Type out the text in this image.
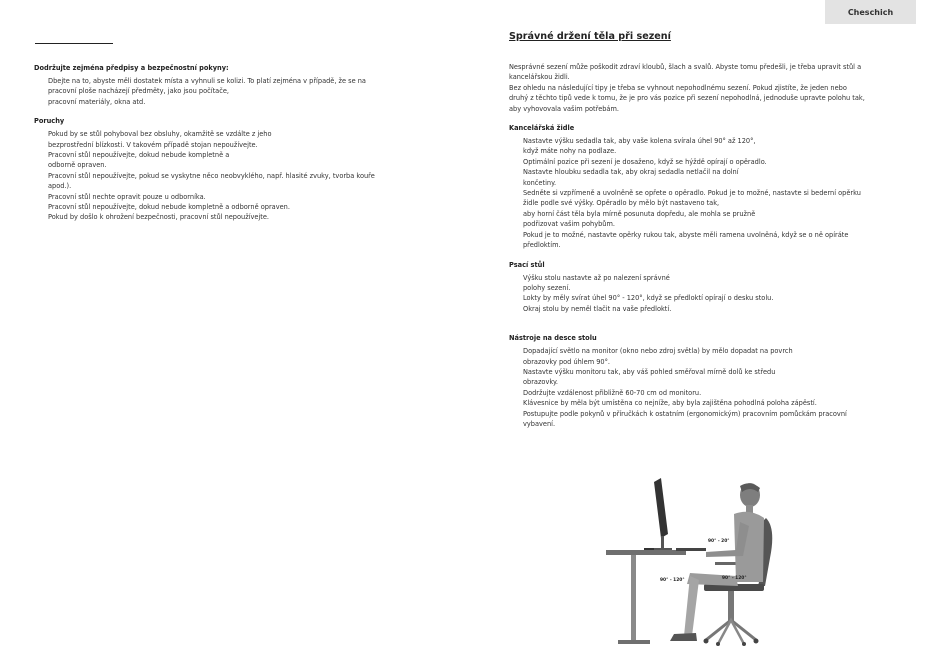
Cheschich
Dodržujte zejména předpisy a bezpečnostní pokyny:

Dbejte na to, abyste měli dostatek místa a vyhnuli se kolizi. To platí zejména v případě, že se na

pracovní ploše nacházejí předměty, jako jsou počítače,

pracovní materiály, okna atd.

Poruchy

Pokud by se stůl pohyboval bez obsluhy, okamžitě se vzdálte z jeho

bezprostřední blízkosti. V takovém případě stojan nepoužívejte.

Pracovní stůl nepoužívejte, dokud nebude kompletně a

odborně opraven.

Pracovní stůl nepoužívejte, pokud se vyskytne něco neobvyklého, např. hlasité zvuky, tvorba kouře

apod.).

Pracovní stůl nechte opravit pouze u odborníka.

Pracovní stůl nepoužívejte, dokud nebude kompletně a odborně opraven.

Pokud by došlo k ohrožení bezpečnosti, pracovní stůl nepoužívejte.

Správné držení těla při sezení

Nesprávné sezení může poškodit zdraví kloubů, šlach a svalů. Abyste tomu předešli, je třeba upravit stůl a

kancelářskou židli.

Bez ohledu na následující tipy je třeba se vyhnout nepohodlnému sezení. Pokud zjistíte, že jeden nebo

druhý z těchto tipů vede k tomu, že je pro vás pozice při sezení nepohodlná, jednoduše upravte polohu tak,

aby vyhovovala vašim potřebám.

Kancelářská židle

Nastavte výšku sedadla tak, aby vaše kolena svírala úhel 90° až 120°,

když máte nohy na podlaze.

Optimální pozice při sezení je dosaženo, když se hýždě opírají o opěradlo.

Nastavte hloubku sedadla tak, aby okraj sedadla netlačil na dolní

končetiny.

Sedněte si vzpřímeně a uvolněně se opřete o opěradlo. Pokud je to možné, nastavte si bederní opěrku

židle podle své výšky. Opěradlo by mělo být nastaveno tak,

aby horní část těla byla mírně posunuta dopředu, ale mohla se pružně

podřizovat vašim pohybům.

Pokud je to možné, nastavte opěrky rukou tak, abyste měli ramena uvolněná, když se o ně opíráte

předloktím.

Psací stůl

Výšku stolu nastavte až po nalezení správné

polohy sezení.

Lokty by měly svírat úhel 90° - 120°, když se předloktí opírají o desku stolu.

Okraj stolu by neměl tlačit na vaše předloktí.

Nástroje na desce stolu

Dopadající světlo na monitor (okno nebo zdroj světla) by mělo dopadat na povrch

obrazovky pod úhlem 90°.

Nastavte výšku monitoru tak, aby váš pohled směřoval mírně dolů ke středu

obrazovky.

Dodržujte vzdálenost přibližně 60-70 cm od monitoru.

Klávesnice by měla být umístěna co nejníže, aby byla zajištěna pohodlná poloha zápěstí.

Postupujte podle pokynů v příručkách k ostatním (ergonomickým) pracovním pomůckám pracovní

vybavení.

90° - 20°
90° - 120°	90° - 120°
